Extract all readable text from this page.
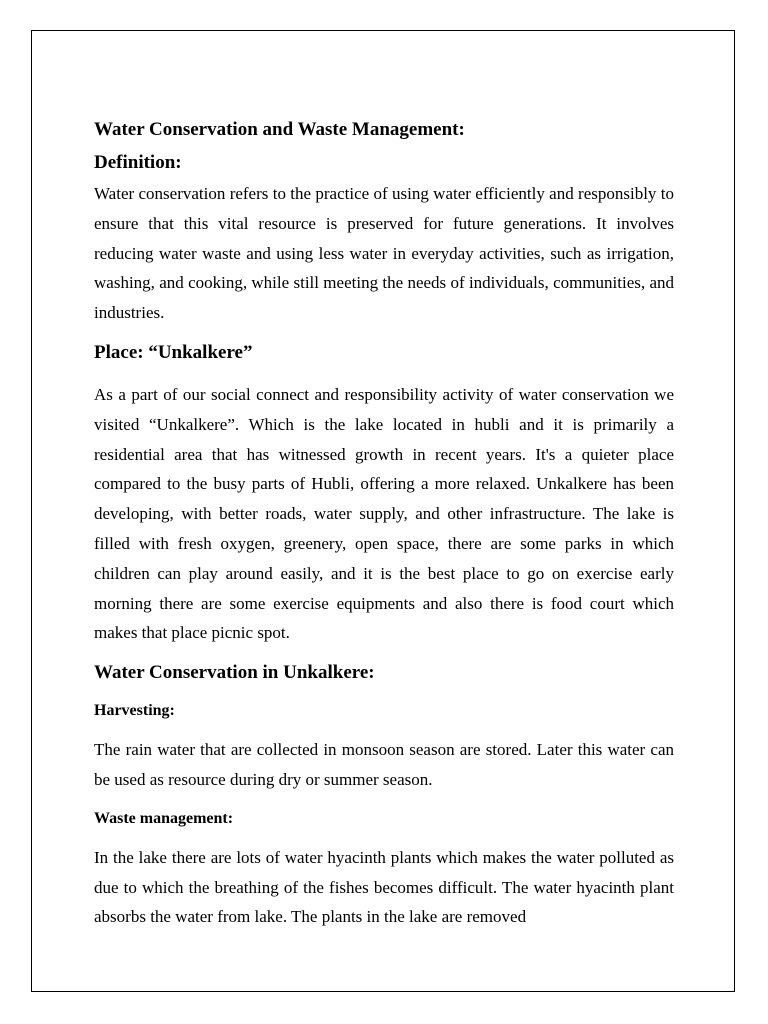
Water Conservation and Waste Management:
Definition:

Water conservation refers to the practice of using water efficiently and responsibly to ensure that this vital resource is preserved for future generations. It involves reducing water waste and using less water in everyday activities, such as irrigation, washing, and cooking, while still meeting the needs of individuals, communities, and industries.

Place: “Unkalkere”

As a part of our social connect and responsibility activity of water conservation we visited “Unkalkere”. Which is the lake located in hubli and it is primarily a residential area that has witnessed growth in recent years. It's a quieter place compared to the busy parts of Hubli, offering a more relaxed. Unkalkere has been developing, with better roads, water supply, and other infrastructure. The lake is filled with fresh oxygen, greenery, open space, there are some parks in which children can play around easily, and it is the best place to go on exercise early morning there are some exercise equipments and also there is food court which makes that place picnic spot.

Water Conservation in Unkalkere:
Harvesting:

The rain water that are collected in monsoon season are stored. Later this water can be used as resource during dry or summer season.

Waste management:

In the lake there are lots of water hyacinth plants which makes the water polluted as due to which the breathing of the fishes becomes difficult. The water hyacinth plant absorbs the water from lake. The plants in the lake are removed
